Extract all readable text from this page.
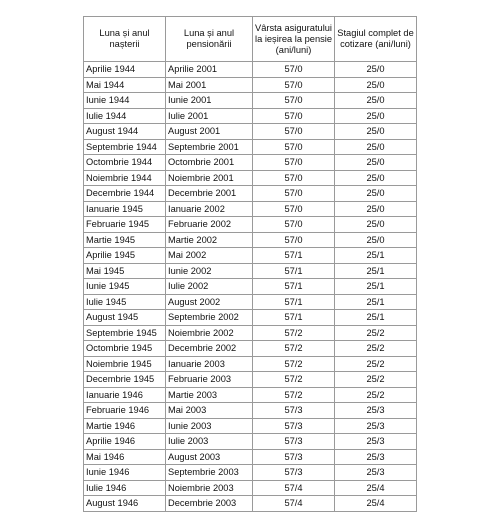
Luna și anul nașterii	Luna și anul pensionării	Vârsta asiguratului la ieșirea la pensie (ani/luni)	Stagiul complet de cotizare (ani/luni)
Aprilie 1944	Aprilie 2001	57/0	25/0
Mai 1944	Mai 2001	57/0	25/0
Iunie 1944	Iunie 2001	57/0	25/0
Iulie 1944	Iulie 2001	57/0	25/0
August 1944	August 2001	57/0	25/0
Septembrie 1944	Septembrie 2001	57/0	25/0
Octombrie 1944	Octombrie 2001	57/0	25/0
Noiembrie 1944	Noiembrie 2001	57/0	25/0
Decembrie 1944	Decembrie 2001	57/0	25/0
Ianuarie 1945	Ianuarie 2002	57/0	25/0
Februarie 1945	Februarie 2002	57/0	25/0
Martie 1945	Martie 2002	57/0	25/0
Aprilie 1945	Mai 2002	57/1	25/1
Mai 1945	Iunie 2002	57/1	25/1
Iunie 1945	Iulie 2002	57/1	25/1
Iulie 1945	August 2002	57/1	25/1
August 1945	Septembrie 2002	57/1	25/1
Septembrie 1945	Noiembrie 2002	57/2	25/2
Octombrie 1945	Decembrie 2002	57/2	25/2
Noiembrie 1945	Ianuarie 2003	57/2	25/2
Decembrie 1945	Februarie 2003	57/2	25/2
Ianuarie 1946	Martie 2003	57/2	25/2
Februarie 1946	Mai 2003	57/3	25/3
Martie 1946	Iunie 2003	57/3	25/3
Aprilie 1946	Iulie 2003	57/3	25/3
Mai 1946	August 2003	57/3	25/3
Iunie 1946	Septembrie 2003	57/3	25/3
Iulie 1946	Noiembrie 2003	57/4	25/4
August 1946	Decembrie 2003	57/4	25/4
